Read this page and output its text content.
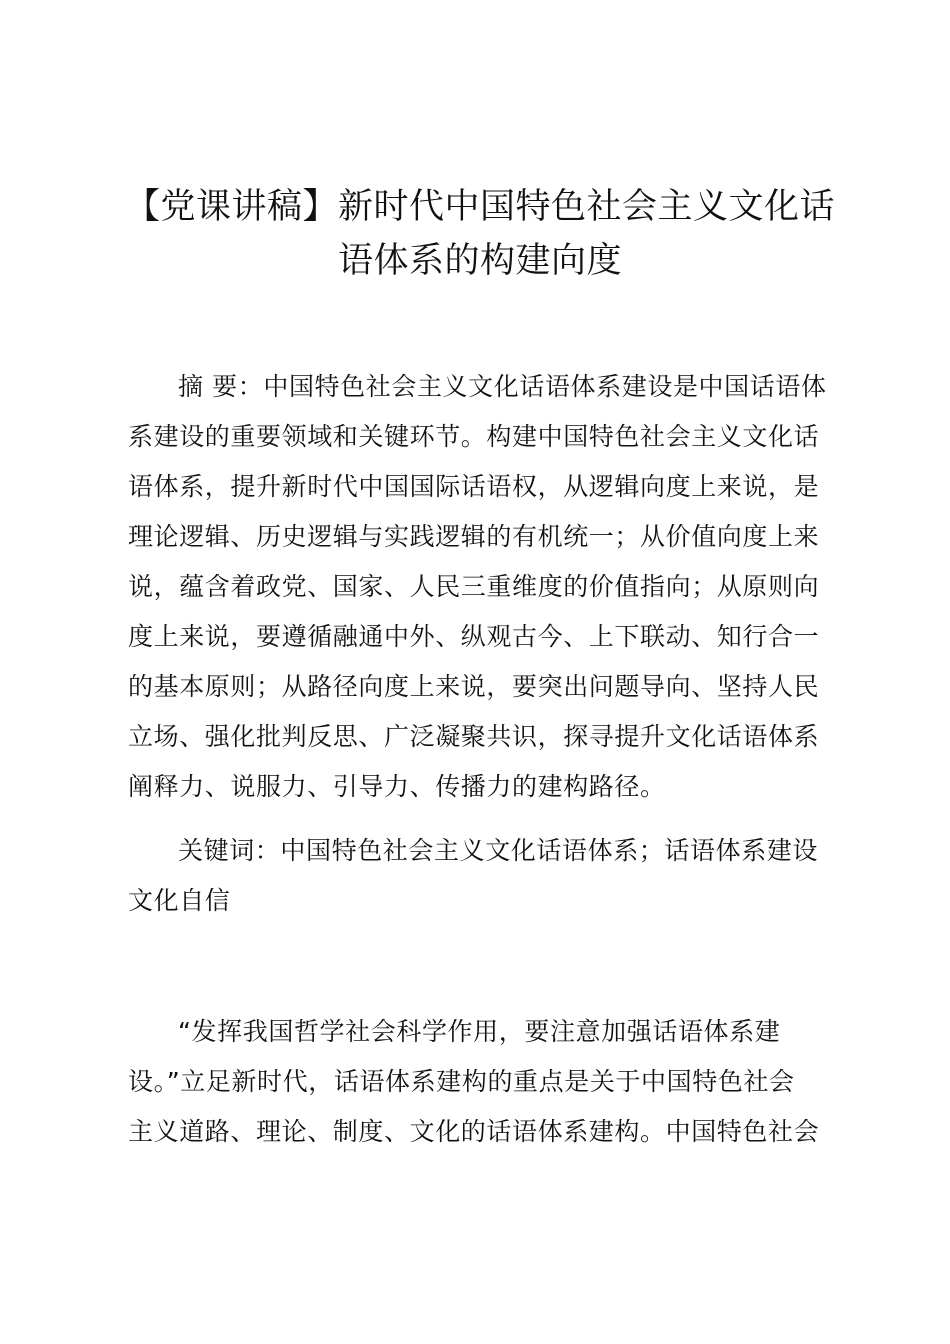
【党课讲稿】新时代中国特色社会主义文化话
语体系的构建向度
摘 要：中国特色社会主义文化话语体系建设是中国话语体
系建设的重要领域和关键环节。构建中国特色社会主义文化话
语体系，提升新时代中国国际话语权，从逻辑向度上来说，是
理论逻辑、历史逻辑与实践逻辑的有机统一；从价值向度上来
说，蕴含着政党、国家、人民三重维度的价值指向；从原则向
度上来说，要遵循融通中外、纵观古今、上下联动、知行合一
的基本原则；从路径向度上来说，要突出问题导向、坚持人民
立场、强化批判反思、广泛凝聚共识，探寻提升文化话语体系
阐释力、说服力、引导力、传播力的建构路径。
关键词：中国特色社会主义文化话语体系；话语体系建设
文化自信
“发挥我国哲学社会科学作用，要注意加强话语体系建
设。”立足新时代，话语体系建构的重点是关于中国特色社会
主义道路、理论、制度、文化的话语体系建构。中国特色社会
